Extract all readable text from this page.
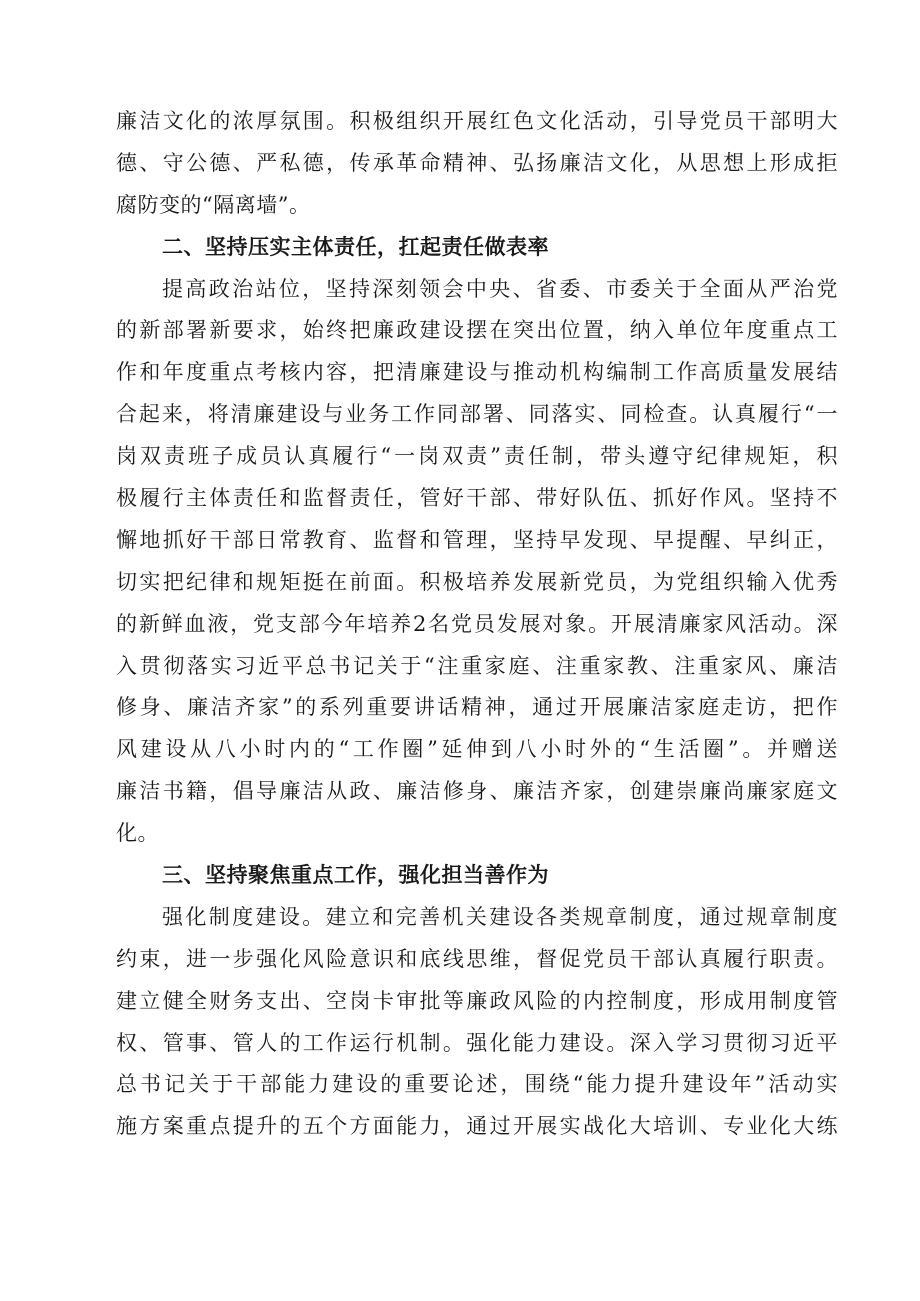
廉洁文化的浓厚氛围。积极组织开展红色文化活动，引导党员干部明大
德、守公德、严私德，传承革命精神、弘扬廉洁文化，从思想上形成拒
腐防变的“隔离墙”。
二、坚持压实主体责任，扛起责任做表率
提高政治站位，坚持深刻领会中央、省委、市委关于全面从严治党
的新部署新要求，始终把廉政建设摆在突出位置，纳入单位年度重点工
作和年度重点考核内容，把清廉建设与推动机构编制工作高质量发展结
合起来，将清廉建设与业务工作同部署、同落实、同检查。认真履行“一
岗双责班子成员认真履行“一岗双责”责任制，带头遵守纪律规矩，积
极履行主体责任和监督责任，管好干部、带好队伍、抓好作风。坚持不
懈地抓好干部日常教育、监督和管理，坚持早发现、早提醒、早纠正，
切实把纪律和规矩挺在前面。积极培养发展新党员，为党组织输入优秀
的新鲜血液，党支部今年培养2名党员发展对象。开展清廉家风活动。深
入贯彻落实习近平总书记关于“注重家庭、注重家教、注重家风、廉洁
修身、廉洁齐家”的系列重要讲话精神，通过开展廉洁家庭走访，把作
风建设从八小时内的“工作圈”延伸到八小时外的“生活圈”。并赠送
廉洁书籍，倡导廉洁从政、廉洁修身、廉洁齐家，创建崇廉尚廉家庭文
化。
三、坚持聚焦重点工作，强化担当善作为
强化制度建设。建立和完善机关建设各类规章制度，通过规章制度
约束，进一步强化风险意识和底线思维，督促党员干部认真履行职责。
建立健全财务支出、空岗卡审批等廉政风险的内控制度，形成用制度管
权、管事、管人的工作运行机制。强化能力建设。深入学习贯彻习近平
总书记关于干部能力建设的重要论述，围绕“能力提升建设年”活动实
施方案重点提升的五个方面能力，通过开展实战化大培训、专业化大练
